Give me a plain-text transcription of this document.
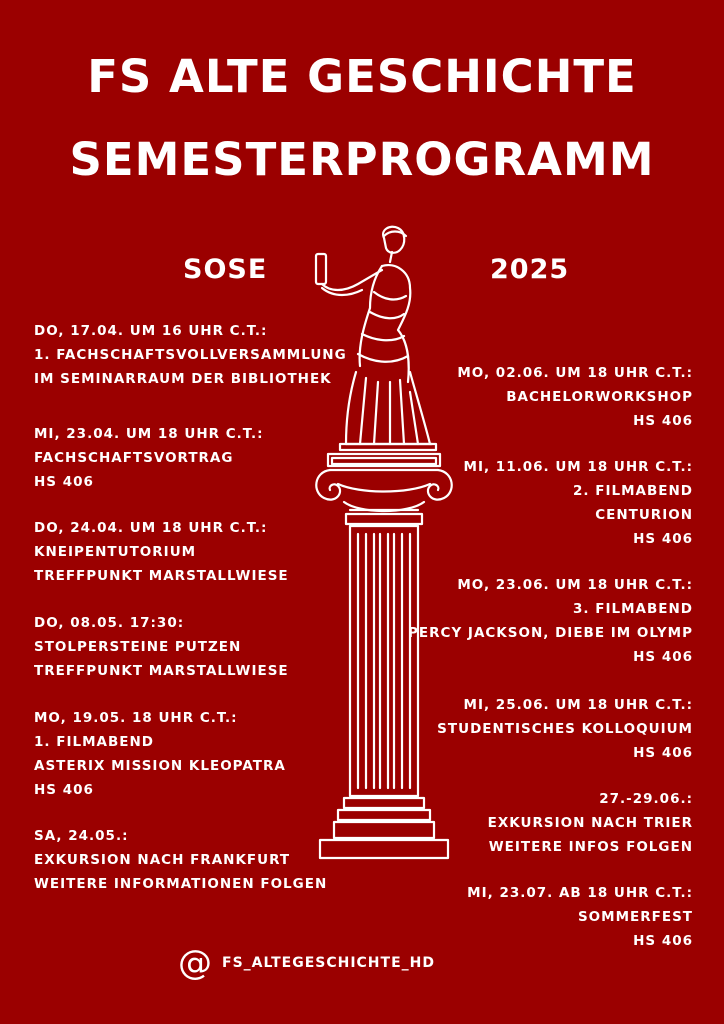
FS ALTE GESCHICHTE
SEMESTERPROGRAMM
SOSE	2025
DO, 17.04. UM 16 UHR C.T.:
1. FACHSCHAFTSVOLLVERSAMMLUNG
IM SEMINARRAUM DER BIBLIOTHEK
MI, 23.04. UM 18 UHR C.T.:
FACHSCHAFTSVORTRAG
HS 406
DO, 24.04. UM 18 UHR C.T.:
KNEIPENTUTORIUM
TREFFPUNKT MARSTALLWIESE
DO, 08.05. 17:30:
STOLPERSTEINE PUTZEN
TREFFPUNKT MARSTALLWIESE
MO, 19.05. 18 UHR C.T.:
1. FILMABEND
ASTERIX MISSION KLEOPATRA
HS 406
SA, 24.05.:
EXKURSION NACH FRANKFURT
WEITERE INFORMATIONEN FOLGEN
MO, 02.06. UM 18 UHR C.T.:
BACHELORWORKSHOP
HS 406
MI, 11.06. UM 18 UHR C.T.:
2. FILMABEND
CENTURION
HS 406
MO, 23.06. UM 18 UHR C.T.:
3. FILMABEND
PERCY JACKSON, DIEBE IM OLYMP
HS 406
MI, 25.06. UM 18 UHR C.T.:
STUDENTISCHES KOLLOQUIUM
HS 406
27.-29.06.:
EXKURSION NACH TRIER
WEITERE INFOS FOLGEN
MI, 23.07. AB 18 UHR C.T.:
SOMMERFEST
HS 406
@ FS_ALTEGESCHICHTE_HD
